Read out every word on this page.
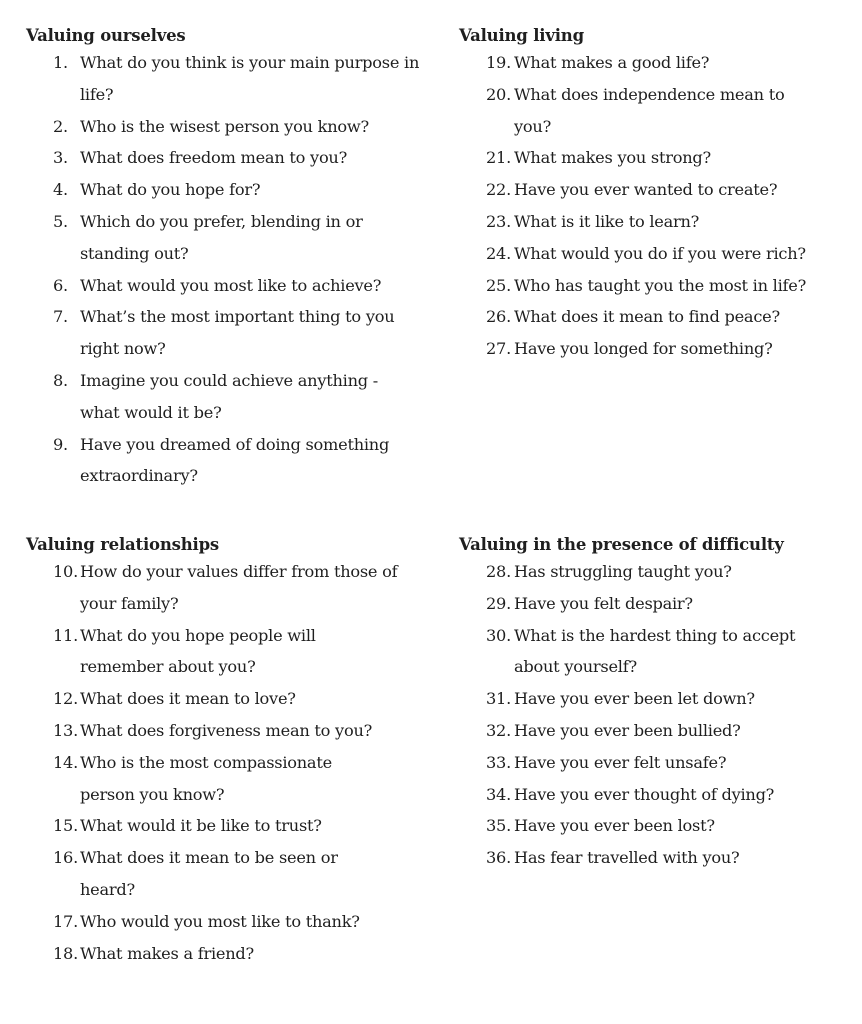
Valuing ourselves
1. What do you think is your main purpose in life?
2. Who is the wisest person you know?
3. What does freedom mean to you?
4. What do you hope for?
5. Which do you prefer, blending in or standing out?
6. What would you most like to achieve?
7. What’s the most important thing to you right now?
8. Imagine you could achieve anything - what would it be?
9. Have you dreamed of doing something extraordinary?
Valuing living
19. What makes a good life?
20. What does independence mean to you?
21. What makes you strong?
22. Have you ever wanted to create?
23. What is it like to learn?
24. What would you do if you were rich?
25. Who has taught you the most in life?
26. What does it mean to find peace?
27. Have you longed for something?
Valuing relationships
10. How do your values differ from those of your family?
11. What do you hope people will remember about you?
12. What does it mean to love?
13. What does forgiveness mean to you?
14. Who is the most compassionate person you know?
15. What would it be like to trust?
16. What does it mean to be seen or heard?
17. Who would you most like to thank?
18. What makes a friend?
Valuing in the presence of difficulty
28. Has struggling taught you?
29. Have you felt despair?
30. What is the hardest thing to accept about yourself?
31. Have you ever been let down?
32. Have you ever been bullied?
33. Have you ever felt unsafe?
34. Have you ever thought of dying?
35. Have you ever been lost?
36. Has fear travelled with you?
